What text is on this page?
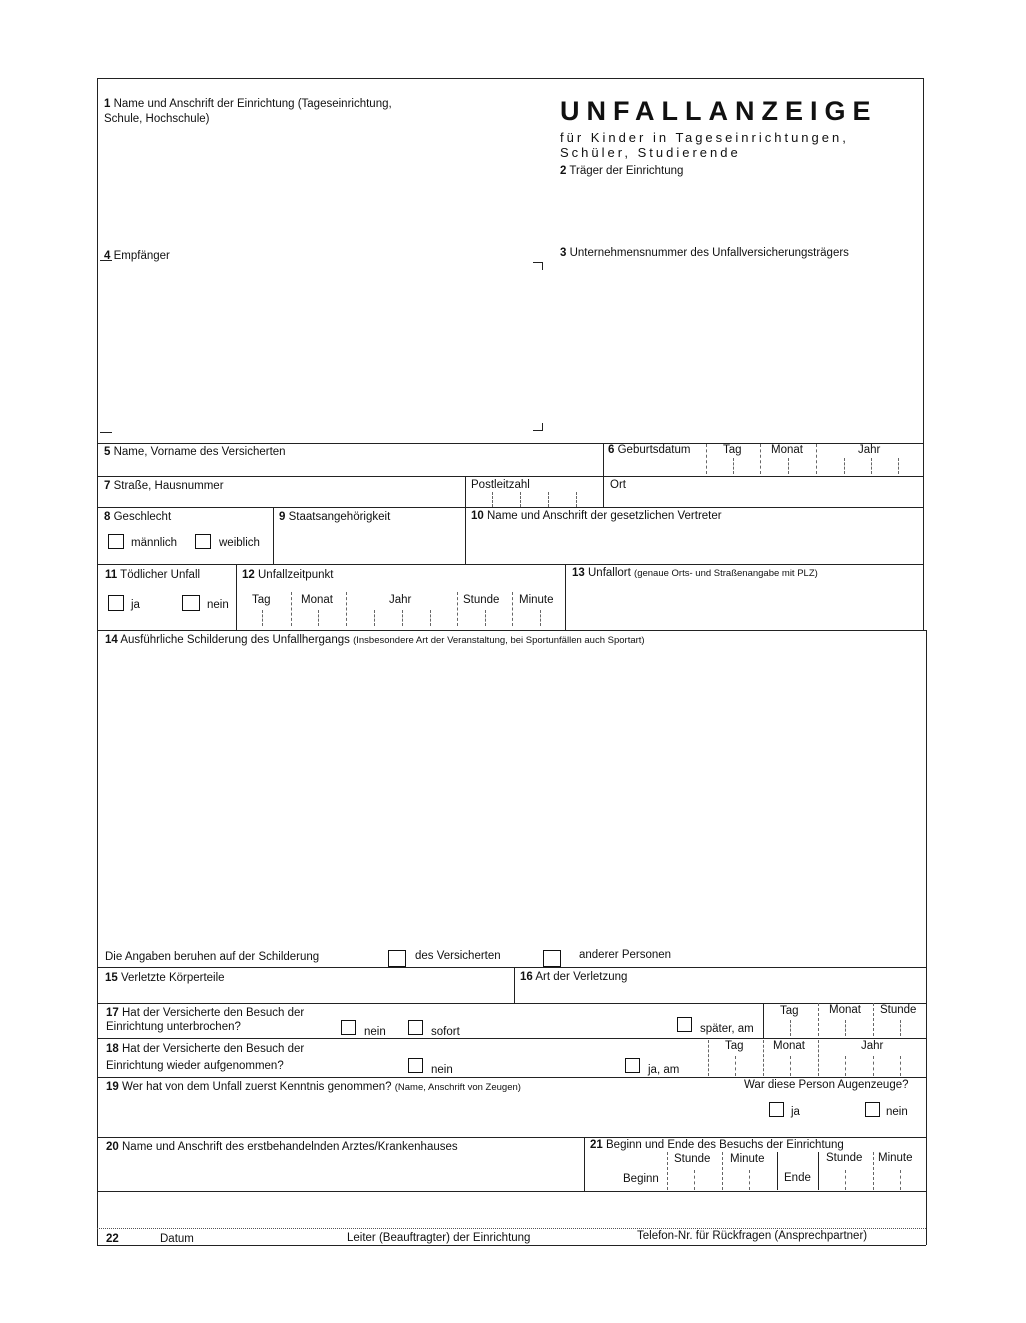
1 Name und Anschrift der Einrichtung (Tageseinrichtung,
Schule, Hochschule)	UNFALLANZEIGE
für Kinder in Tageseinrichtungen,
Schüler, Studierende
2 Träger der Einrichtung
3 Unternehmensnummer des Unfallversicherungsträgers
4 Empfänger
5 Name, Vorname des Versicherten	6 Geburtsdatum	Tag	Monat	Jahr
7 Straße, Hausnummer	Postleitzahl	Ort
8 Geschlecht
männlich	weiblich
9 Staatsangehörigkeit	10 Name und Anschrift der gesetzlichen Vertreter
11 Tödlicher Unfall
ja	nein
12 Unfallzeitpunkt
Tag	Monat	Jahr	Stunde Minute
13 Unfallort (genaue Orts- und Straßenangabe mit PLZ)
14 Ausführliche Schilderung des Unfallhergangs (Insbesondere Art der Veranstaltung, bei Sportunfällen auch Sportart)
Die Angaben beruhen auf der Schilderung	des Versicherten	anderer Personen
15 Verletzte Körperteile	16 Art der Verletzung
17 Hat der Versicherte den Besuch der
Einrichtung unterbrochen?	nein	sofort	später, am
Tag	Monat Stunde
18 Hat der Versicherte den Besuch der
Einrichtung wieder aufgenommen?	nein	ja, am
Tag	Monat	Jahr
19 Wer hat von dem Unfall zuerst Kenntnis genommen? (Name, Anschrift von Zeugen)	War diese Person Augenzeuge?
ja	nein
20 Name und Anschrift des erstbehandelnden Arztes/Krankenhauses	21 Beginn und Ende des Besuchs der Einrichtung
Stunde Minute	Stunde Minute
Beginn	Ende
22	Datum	Leiter (Beauftragter) der Einrichtung	Telefon-Nr. für Rückfragen (Ansprechpartner)
